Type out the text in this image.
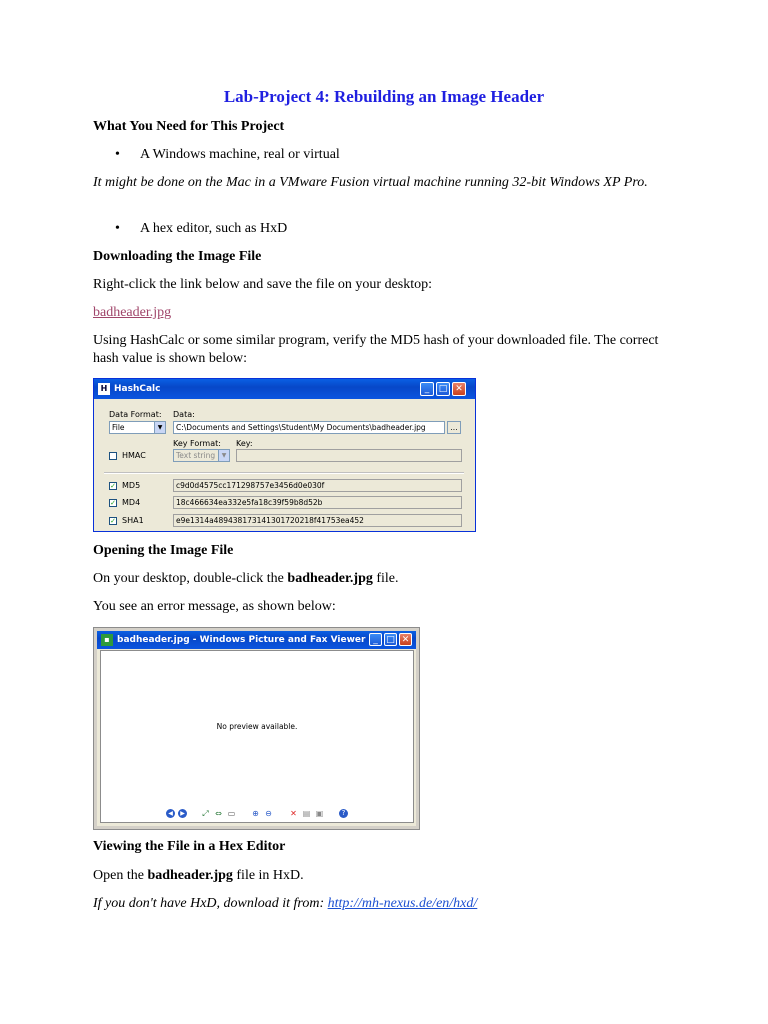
Lab-Project 4: Rebuilding an Image Header
What You Need for This Project
• A Windows machine, real or virtual
It might be done on the Mac in a VMware Fusion virtual machine running 32-bit Windows XP Pro.
• A hex editor, such as HxD
Downloading the Image File
Right-click the link below and save the file on your desktop:
badheader.jpg
Using HashCalc or some similar program, verify the MD5 hash of your downloaded file. The correct hash value is shown below:
H HashCalc	_	□ ✕
Data Format: Data:
File	▼	C:\Documents and Settings\Student\My Documents\badheader.jpg	...
Key Format: Key:
HMAC	Text string	▼
✓ MD5	c9d0d4575cc171298757e3456d0e030f
✓ MD4	18c466634ea332e5fa18c39f59b8d52b
✓ SHA1	e9e1314a489438173141301720218f41753ea452
Opening the Image File
On your desktop, double-click the badheader.jpg file.
You see an error message, as shown below:
▪ badheader.jpg - Windows Picture and Fax Viewer _ □ ✕
No preview available.
◀	▶ ⤢ ⇔ ▭ ⊕ ⊖ ✕ ▤ ▣	?
Viewing the File in a Hex Editor
Open the badheader.jpg file in HxD.
If you don't have HxD, download it from: http://mh-nexus.de/en/hxd/
